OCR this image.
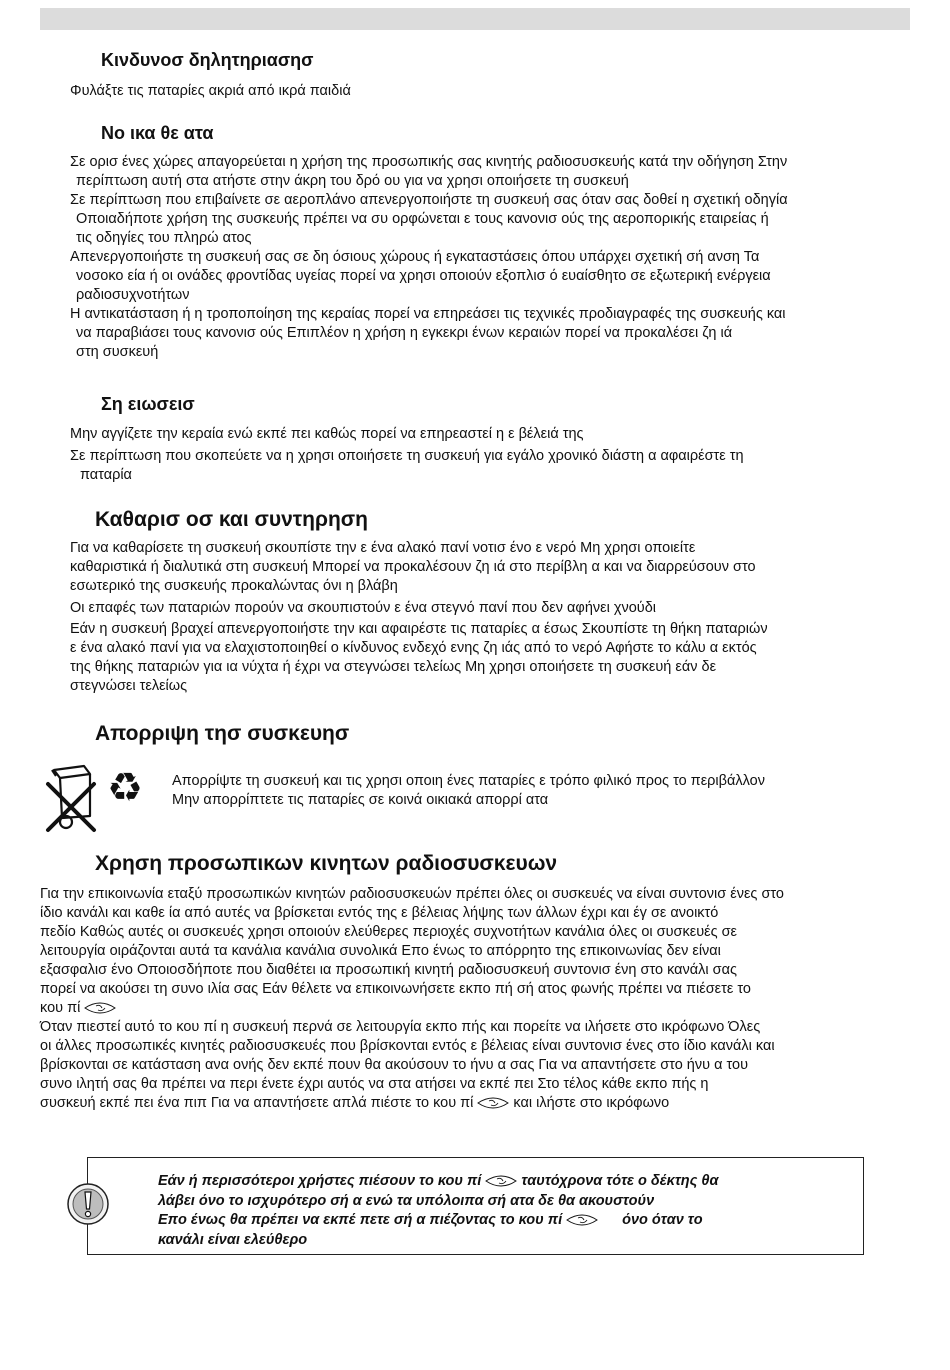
Κινδυνοσ δηλητηριασησ
Φυλάξτε τις παταρίες ακριά από ικρά παιδιά
Νο ικα θε ατα
Σε ορισ ένες χώρες απαγορεύεται η χρήση της προσωπικής σας κινητής ραδιοσυσκευής κατά την οδήγηση Στην
περίπτωση αυτή στα ατήστε στην άκρη του δρό ου για να χρησι οποιήσετε τη συσκευή
Σε περίπτωση που επιβαίνετε σε αεροπλάνο απενεργοποιήστε τη συσκευή σας όταν σας δοθεί η σχετική οδηγία
Οποιαδήποτε χρήση της συσκευής πρέπει να συ ορφώνεται ε τους κανονισ ούς της αεροπορικής εταιρείας ή
τις οδηγίες του πληρώ ατος
Απενεργοποιήστε τη συσκευή σας σε δη όσιους χώρους ή εγκαταστάσεις όπου υπάρχει σχετική σή ανση Τα
νοσοκο εία ή οι ονάδες φροντίδας υγείας πορεί να χρησι οποιούν εξοπλισ ό ευαίσθητο σε εξωτερική ενέργεια
ραδιοσυχνοτήτων
Η αντικατάσταση ή η τροποποίηση της κεραίας πορεί να επηρεάσει τις τεχνικές προδιαγραφές της συσκευής και
να παραβιάσει τους κανονισ ούς Επιπλέον η χρήση η εγκεκρι ένων κεραιών πορεί να προκαλέσει ζη ιά
στη συσκευή
Ση ειωσεισ
Μην αγγίζετε την κεραία ενώ εκπέ πει καθώς πορεί να επηρεαστεί η ε βέλειά της
Σε περίπτωση που σκοπεύετε να η χρησι οποιήσετε τη συσκευή για εγάλο χρονικό διάστη α αφαιρέστε τη
παταρία
Καθαρισ οσ και συντηρηση
Για να καθαρίσετε τη συσκευή σκουπίστε την ε ένα αλακό πανί νοτισ ένο ε νερό Μη χρησι οποιείτε
καθαριστικά ή διαλυτικά στη συσκευή Μπορεί να προκαλέσουν ζη ιά στο περίβλη α και να διαρρεύσουν στο
εσωτερικό της συσκευής προκαλώντας όνι η βλάβη
Οι επαφές των παταριών πορούν να σκουπιστούν ε ένα στεγνό πανί που δεν αφήνει χνούδι
Εάν η συσκευή βραχεί απενεργοποιήστε την και αφαιρέστε τις παταρίες α έσως Σκουπίστε τη θήκη παταριών
ε ένα αλακό πανί για να ελαχιστοποιηθεί ο κίνδυνος ενδεχό ενης ζη ιάς από το νερό Αφήστε το κάλυ α εκτός
της θήκης παταριών για ια νύχτα ή έχρι να στεγνώσει τελείως Μη χρησι οποιήσετε τη συσκευή εάν δε
στεγνώσει τελείως
Απορριψη τησ συσκευησ
♻ Απορρίψτε τη συσκευή και τις χρησι οποιη ένες παταρίες ε τρόπο φιλικό προς το περιβάλλον
Μην απορρίπτετε τις παταρίες σε κοινά οικιακά απορρί ατα
Χρηση προσωπικων κινητων ραδιοσυσκευων
Για την επικοινωνία εταξύ προσωπικών κινητών ραδιοσυσκευών πρέπει όλες οι συσκευές να είναι συντονισ ένες στο
ίδιο κανάλι και καθε ία από αυτές να βρίσκεται εντός της ε βέλειας λήψης των άλλων έχρι και έγ σε ανοικτό
πεδίο Καθώς αυτές οι συσκευές χρησι οποιούν ελεύθερες περιοχές συχνοτήτων κανάλια όλες οι συσκευές σε
λειτουργία οιράζονται αυτά τα κανάλια κανάλια συνολικά Επο ένως το απόρρητο της επικοινωνίας δεν είναι
εξασφαλισ ένο Οποιοσδήποτε που διαθέτει ια προσωπική κινητή ραδιοσυσκευή συντονισ ένη στο κανάλι σας
πορεί να ακούσει τη συνο ιλία σας Εάν θέλετε να επικοινωνήσετε εκπο πή σή ατος φωνής πρέπει να πιέσετε το
κου πί
Όταν πιεστεί αυτό το κου πί η συσκευή περνά σε λειτουργία εκπο πής και πορείτε να ιλήσετε στο ικρόφωνο Όλες
οι άλλες προσωπικές κινητές ραδιοσυσκευές που βρίσκονται εντός ε βέλειας είναι συντονισ ένες στο ίδιο κανάλι και
βρίσκονται σε κατάσταση ανα ονής δεν εκπέ πουν θα ακούσουν το ήνυ α σας Για να απαντήσετε στο ήνυ α του
συνο ιλητή σας θα πρέπει να περι ένετε έχρι αυτός να στα ατήσει να εκπέ πει Στο τέλος κάθε εκπο πής η
συσκευή εκπέ πει ένα πιπ Για να απαντήσετε απλά πιέστε το κου πί	και ιλήστε στο ικρόφωνο
Εάν ή περισσότεροι χρήστες πιέσουν το κου πί	ταυτόχρονα τότε ο δέκτης θα
λάβει όνο το ισχυρότερο σή α ενώ τα υπόλοιπα σή ατα δε θα ακουστούν
Επο ένως θα πρέπει να εκπέ πετε σή α πιέζοντας το κου πί	όνο όταν το
κανάλι είναι ελεύθερο
